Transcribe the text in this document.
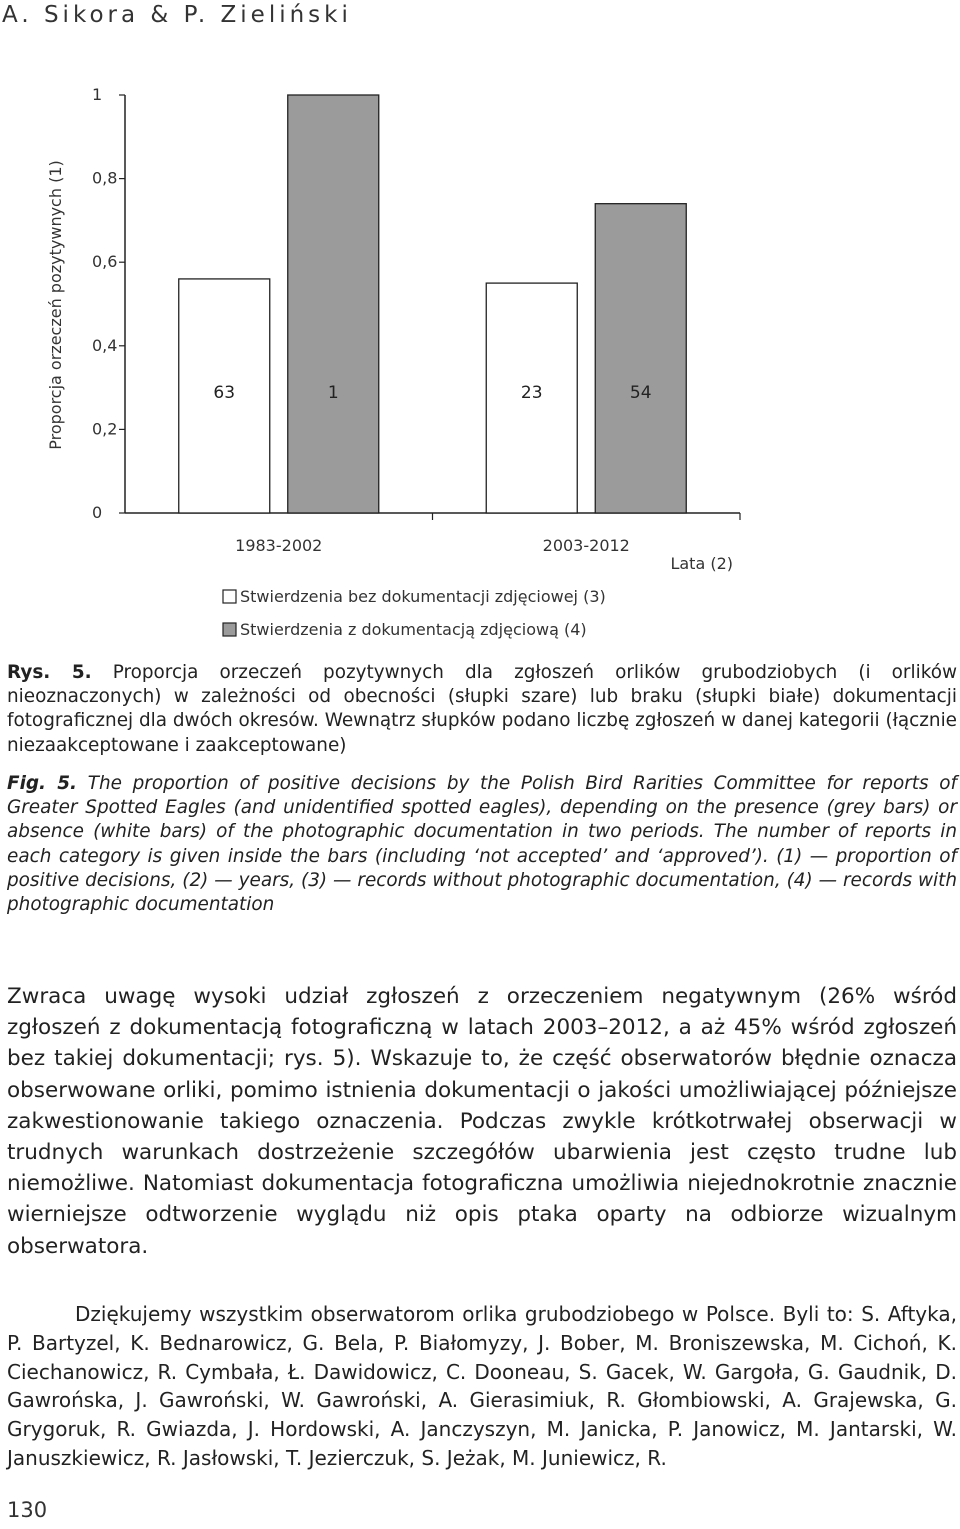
A. Sikora & P. Zieliński
0
0,2
0,4
0,6
0,8
1
63	1
1983-2002
23	54
2003-2012
Proporcja orzeczeń pozytywnych (1)
Lata (2)
Stwierdzenia bez dokumentacji zdjęciowej (3)
Stwierdzenia z dokumentacją zdjęciową (4)
Rys. 5. Proporcja orzeczeń pozytywnych dla zgłoszeń orlików grubodziobych (i orlików nieoznaczonych) w zależności od obecności (słupki szare) lub braku (słupki białe) dokumentacji fotograficznej dla dwóch okresów. Wewnątrz słupków podano liczbę zgłoszeń w danej kategorii (łącznie niezaakceptowane i zaakceptowane)
Fig. 5. The proportion of positive decisions by the Polish Bird Rarities Committee for reports of Greater Spotted Eagles (and unidentified spotted eagles), depending on the presence (grey bars) or absence (white bars) of the photographic documentation in two periods. The number of reports in each category is given inside the bars (including ‘not accepted’ and ‘approved’). (1) — proportion of positive decisions, (2) — years, (3) — records without photographic documentation, (4) — records with photographic documentation
Zwraca uwagę wysoki udział zgłoszeń z orzeczeniem negatywnym (26% wśród zgłoszeń z dokumentacją fotograficzną w latach 2003–2012, a aż 45% wśród zgłoszeń bez takiej dokumentacji; rys. 5). Wskazuje to, że część obserwatorów błędnie oznacza obserwowane orliki, pomimo istnienia dokumentacji o jakości umożliwiającej późniejsze zakwestionowanie takiego oznaczenia. Podczas zwykle krótkotrwałej obserwacji w trudnych warunkach dostrzeżenie szczegółów ubarwienia jest często trudne lub niemożliwe. Natomiast dokumentacja fotograficzna umożliwia niejednokrotnie znacznie wierniejsze odtworzenie wyglądu niż opis ptaka oparty na odbiorze wizualnym obserwatora.
Dziękujemy wszystkim obserwatorom orlika grubodziobego w Polsce. Byli to: S. Aftyka, P. Bartyzel, K. Bednarowicz, G. Bela, P. Białomyzy, J. Bober, M. Broniszewska, M. Cichoń, K. Ciechanowicz, R. Cymbała, Ł. Dawidowicz, C. Dooneau, S. Gacek, W. Gargoła, G. Gaudnik, D. Gawrońska, J. Gawroński, W. Gawroński, A. Gierasimiuk, R. Głombiowski, A. Grajewska, G. Grygoruk, R. Gwiazda, J. Hordowski, A. Janczyszyn, M. Janicka, P. Janowicz, M. Jantarski, W. Januszkiewicz, R. Jasłowski, T. Jezierczuk, S. Jeżak, M. Juniewicz, R.
130
